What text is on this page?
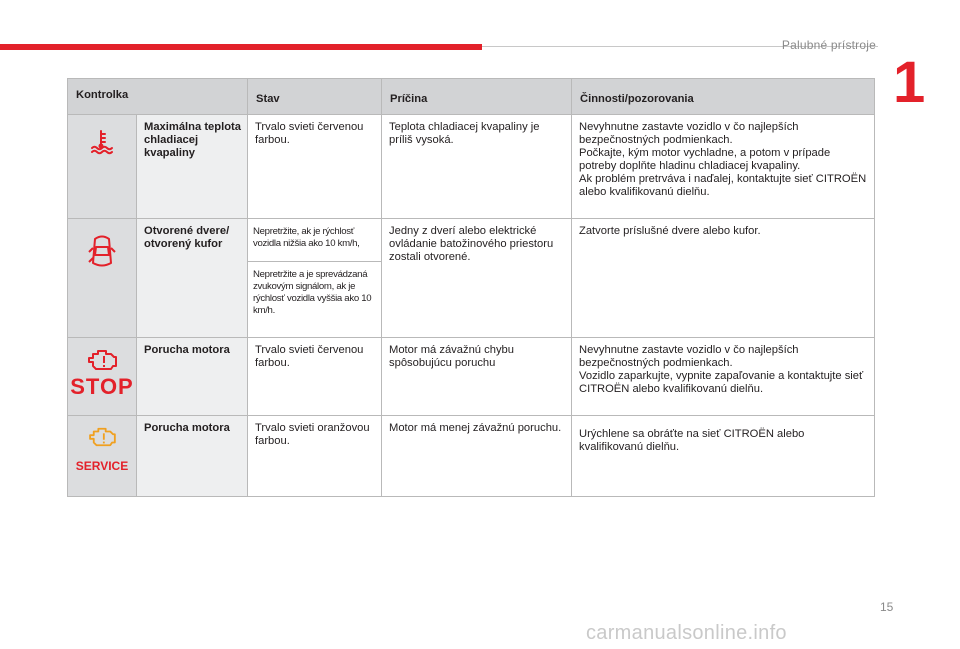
Palubné prístroje
1
Kontrolka		Stav	Príčina	Činnosti/pozorovania
	Maximálna teplota chladiacej kvapaliny	Trvalo svieti červenou farbou.	Teplota chladiacej kvapaliny je príliš vysoká.	Nevyhnutne zastavte vozidlo v čo najlepších bezpečnostných podmienkach.
Počkajte, kým motor vychladne, a potom v prípade potreby doplňte hladinu chladiacej kvapaliny.
Ak problém pretrváva i naďalej, kontaktujte sieť CITROËN alebo kvalifikovanú dielňu.
	Otvorené dvere/ otvorený kufor	Nepretržite, ak je rýchlosť vozidla nižšia ako 10 km/h,	Jedny z dverí alebo elektrické ovládanie batožinového priestoru zostali otvorené.	Zatvorte príslušné dvere alebo kufor.
		Nepretržite a je sprevádzaná zvukovým signálom, ak je rýchlosť vozidla vyššia ako 10 km/h.		

STOP	Porucha motora	Trvalo svieti červenou farbou.	Motor má závažnú chybu spôsobujúcu poruchu	Nevyhnutne zastavte vozidlo v čo najlepších bezpečnostných podmienkach.
Vozidlo zaparkujte, vypnite zapaľovanie a kontaktujte sieť CITROËN alebo kvalifikovanú dielňu.

SERVICE	Porucha motora	Trvalo svieti oranžovou farbou.	Motor má menej závažnú poruchu.	Urýchlene sa obráťte na sieť CITROËN alebo kvalifikovanú dielňu.
15
carmanualsonline.info
